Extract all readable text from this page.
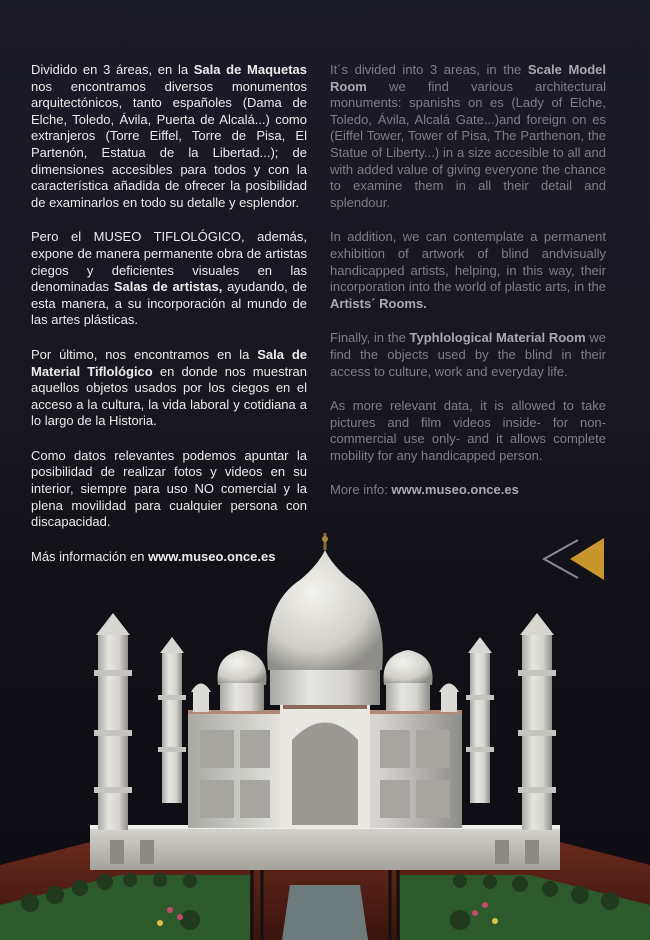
Dividido en 3 áreas, en la Sala de Maquetas nos encontramos diversos monumentos arquitectónicos, tanto españoles (Dama de Elche, Toledo, Ávila, Puerta de Alcalá...) como extranjeros (Torre Eiffel, Torre de Pisa, El Partenón, Estatua de la Libertad...); de dimensiones accesibles para todos y con la característica añadida de ofrecer la posibilidad de examinarlos en todo su detalle y esplendor.

Pero el MUSEO TIFLOLÓGICO, además, expone de manera permanente obra de artistas ciegos y deficientes visuales en las denominadas Salas de artistas, ayudando, de esta manera, a su incorporación al mundo de las artes plásticas.

Por último, nos encontramos en la Sala de Material Tiflológico en donde nos muestran aquellos objetos usados por los ciegos en el acceso a la cultura, la vida laboral y cotidiana a lo largo de la Historia.

Como datos relevantes podemos apuntar la posibilidad de realizar fotos y videos en su interior, siempre para uso NO comercial y la plena movilidad para cualquier persona con discapacidad.

Más información en www.museo.once.es

It´s divided into 3 areas, in the Scale Model Room we find various architectural monuments: spanishs on es (Lady of Elche, Toledo, Ávila, Alcalá Gate...)and foreign on es (Eiffel Tower, Tower of Pisa, The Parthenon, the Statue of Liberty...) in a size accesible to all and with added value of giving everyone the chance to examine them in all their detail and splendour.

In addition, we can contemplate a permanent exhibition of artwork of blind andvisually handicapped artists, helping, in this way, their incorporation into the world of plastic arts, in the Artists´ Rooms.

Finally, in the Typhlological Material Room we find the objects used by the blind in their access to culture, work and everyday life.

As more relevant data, it is allowed to take pictures and film videos inside- for non-commercial use only- and it allows complete mobility for any handicapped person.

More info: www.museo.once.es
